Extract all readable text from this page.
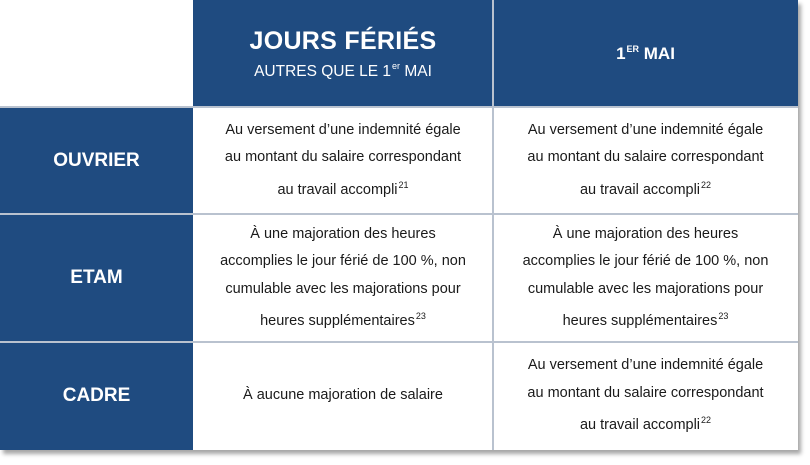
JOURS FÉRIÉS
AUTRES QUE LE 1er MAI
1ER MAI
OUVRIER
ETAM
CADRE
Au versement d’une indemnité égale
au montant du salaire correspondant
au travail accompli$^{21}$
Au versement d’une indemnité égale
au montant du salaire correspondant
au travail accompli$^{22}$
À une majoration des heures
accomplies le jour férié de 100 %, non
cumulable avec les majorations pour
heures supplémentaires$^{23}$
À une majoration des heures
accomplies le jour férié de 100 %, non
cumulable avec les majorations pour
heures supplémentaires$^{23}$
À aucune majoration de salaire
Au versement d’une indemnité égale
au montant du salaire correspondant
au travail accompli$^{22}$
